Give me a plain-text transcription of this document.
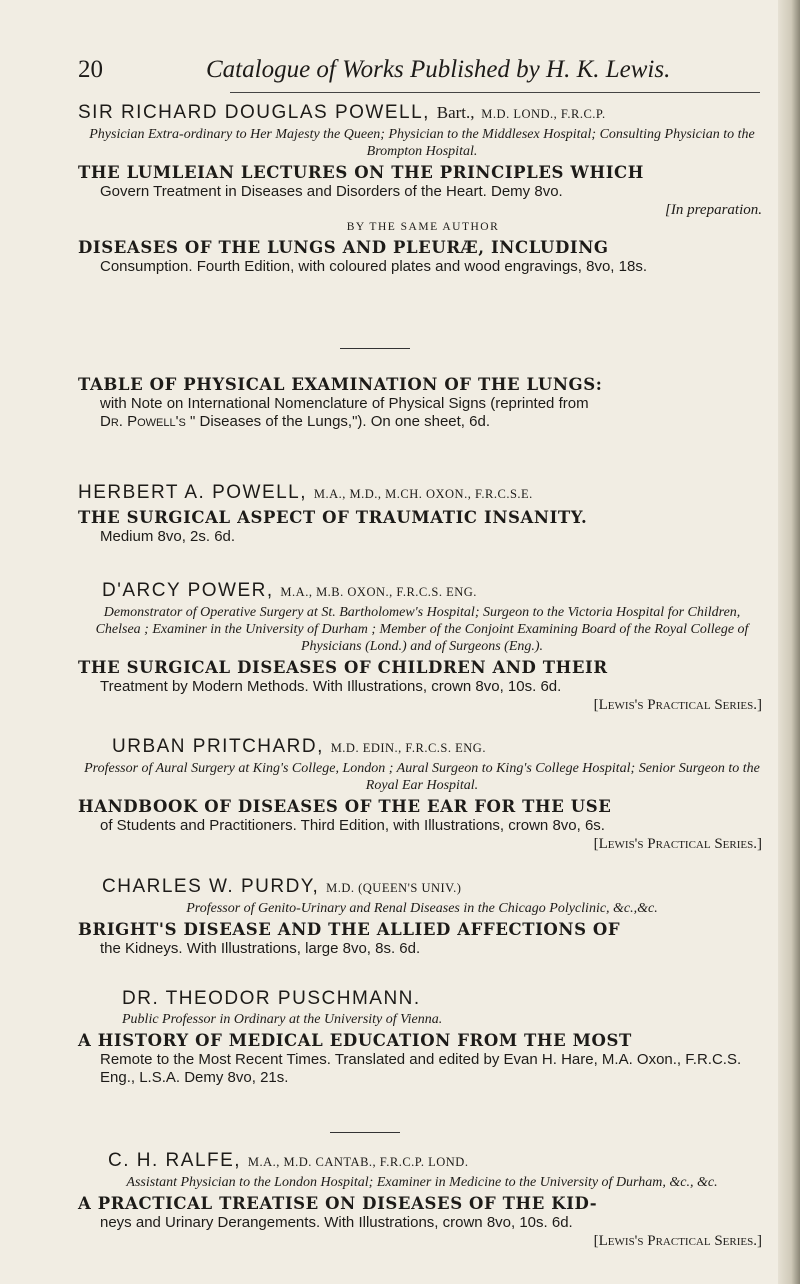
20	Catalogue of Works Published by H. K. Lewis.
SIR RICHARD DOUGLAS POWELL, Bart., M.D. LOND., F.R.C.P.
Physician Extra-ordinary to Her Majesty the Queen; Physician to the Middlesex Hospital; Consulting Physician to the Brompton Hospital.
THE LUMLEIAN LECTURES ON THE PRINCIPLES WHICH
Govern Treatment in Diseases and Disorders of the Heart. Demy 8vo.
[In preparation.
BY THE SAME AUTHOR
DISEASES OF THE LUNGS AND PLEURÆ, INCLUDING
Consumption. Fourth Edition, with coloured plates and wood engravings, 8vo, 18s.
TABLE OF PHYSICAL EXAMINATION OF THE LUNGS:
with Note on International Nomenclature of Physical Signs (reprinted from
Dr. Powell's " Diseases of the Lungs,"). On one sheet, 6d.
HERBERT A. POWELL, M.A., M.D., M.CH. OXON., F.R.C.S.E.
THE SURGICAL ASPECT OF TRAUMATIC INSANITY.
Medium 8vo, 2s. 6d.
D'ARCY POWER, M.A., M.B. OXON., F.R.C.S. ENG.
Demonstrator of Operative Surgery at St. Bartholomew's Hospital; Surgeon to the Victoria Hospital for Children, Chelsea ; Examiner in the University of Durham ; Member of the Conjoint Examining Board of the Royal College of Physicians (Lond.) and of Surgeons (Eng.).
THE SURGICAL DISEASES OF CHILDREN AND THEIR
Treatment by Modern Methods. With Illustrations, crown 8vo, 10s. 6d.
[Lewis's Practical Series.]
URBAN PRITCHARD, M.D. EDIN., F.R.C.S. ENG.
Professor of Aural Surgery at King's College, London ; Aural Surgeon to King's College Hospital; Senior Surgeon to the Royal Ear Hospital.
HANDBOOK OF DISEASES OF THE EAR FOR THE USE
of Students and Practitioners. Third Edition, with Illustrations, crown 8vo, 6s.
[Lewis's Practical Series.]
CHARLES W. PURDY, M.D. (QUEEN'S UNIV.)
Professor of Genito-Urinary and Renal Diseases in the Chicago Polyclinic, &c.,&c.
BRIGHT'S DISEASE AND THE ALLIED AFFECTIONS OF
the Kidneys. With Illustrations, large 8vo, 8s. 6d.
DR. THEODOR PUSCHMANN.
Public Professor in Ordinary at the University of Vienna.
A HISTORY OF MEDICAL EDUCATION FROM THE MOST
Remote to the Most Recent Times. Translated and edited by Evan H. Hare, M.A. Oxon., F.R.C.S. Eng., L.S.A. Demy 8vo, 21s.
C. H. RALFE, M.A., M.D. CANTAB., F.R.C.P. LOND.
Assistant Physician to the London Hospital; Examiner in Medicine to the University of Durham, &c., &c.
A PRACTICAL TREATISE ON DISEASES OF THE KID-
neys and Urinary Derangements. With Illustrations, crown 8vo, 10s. 6d.
[Lewis's Practical Series.]
